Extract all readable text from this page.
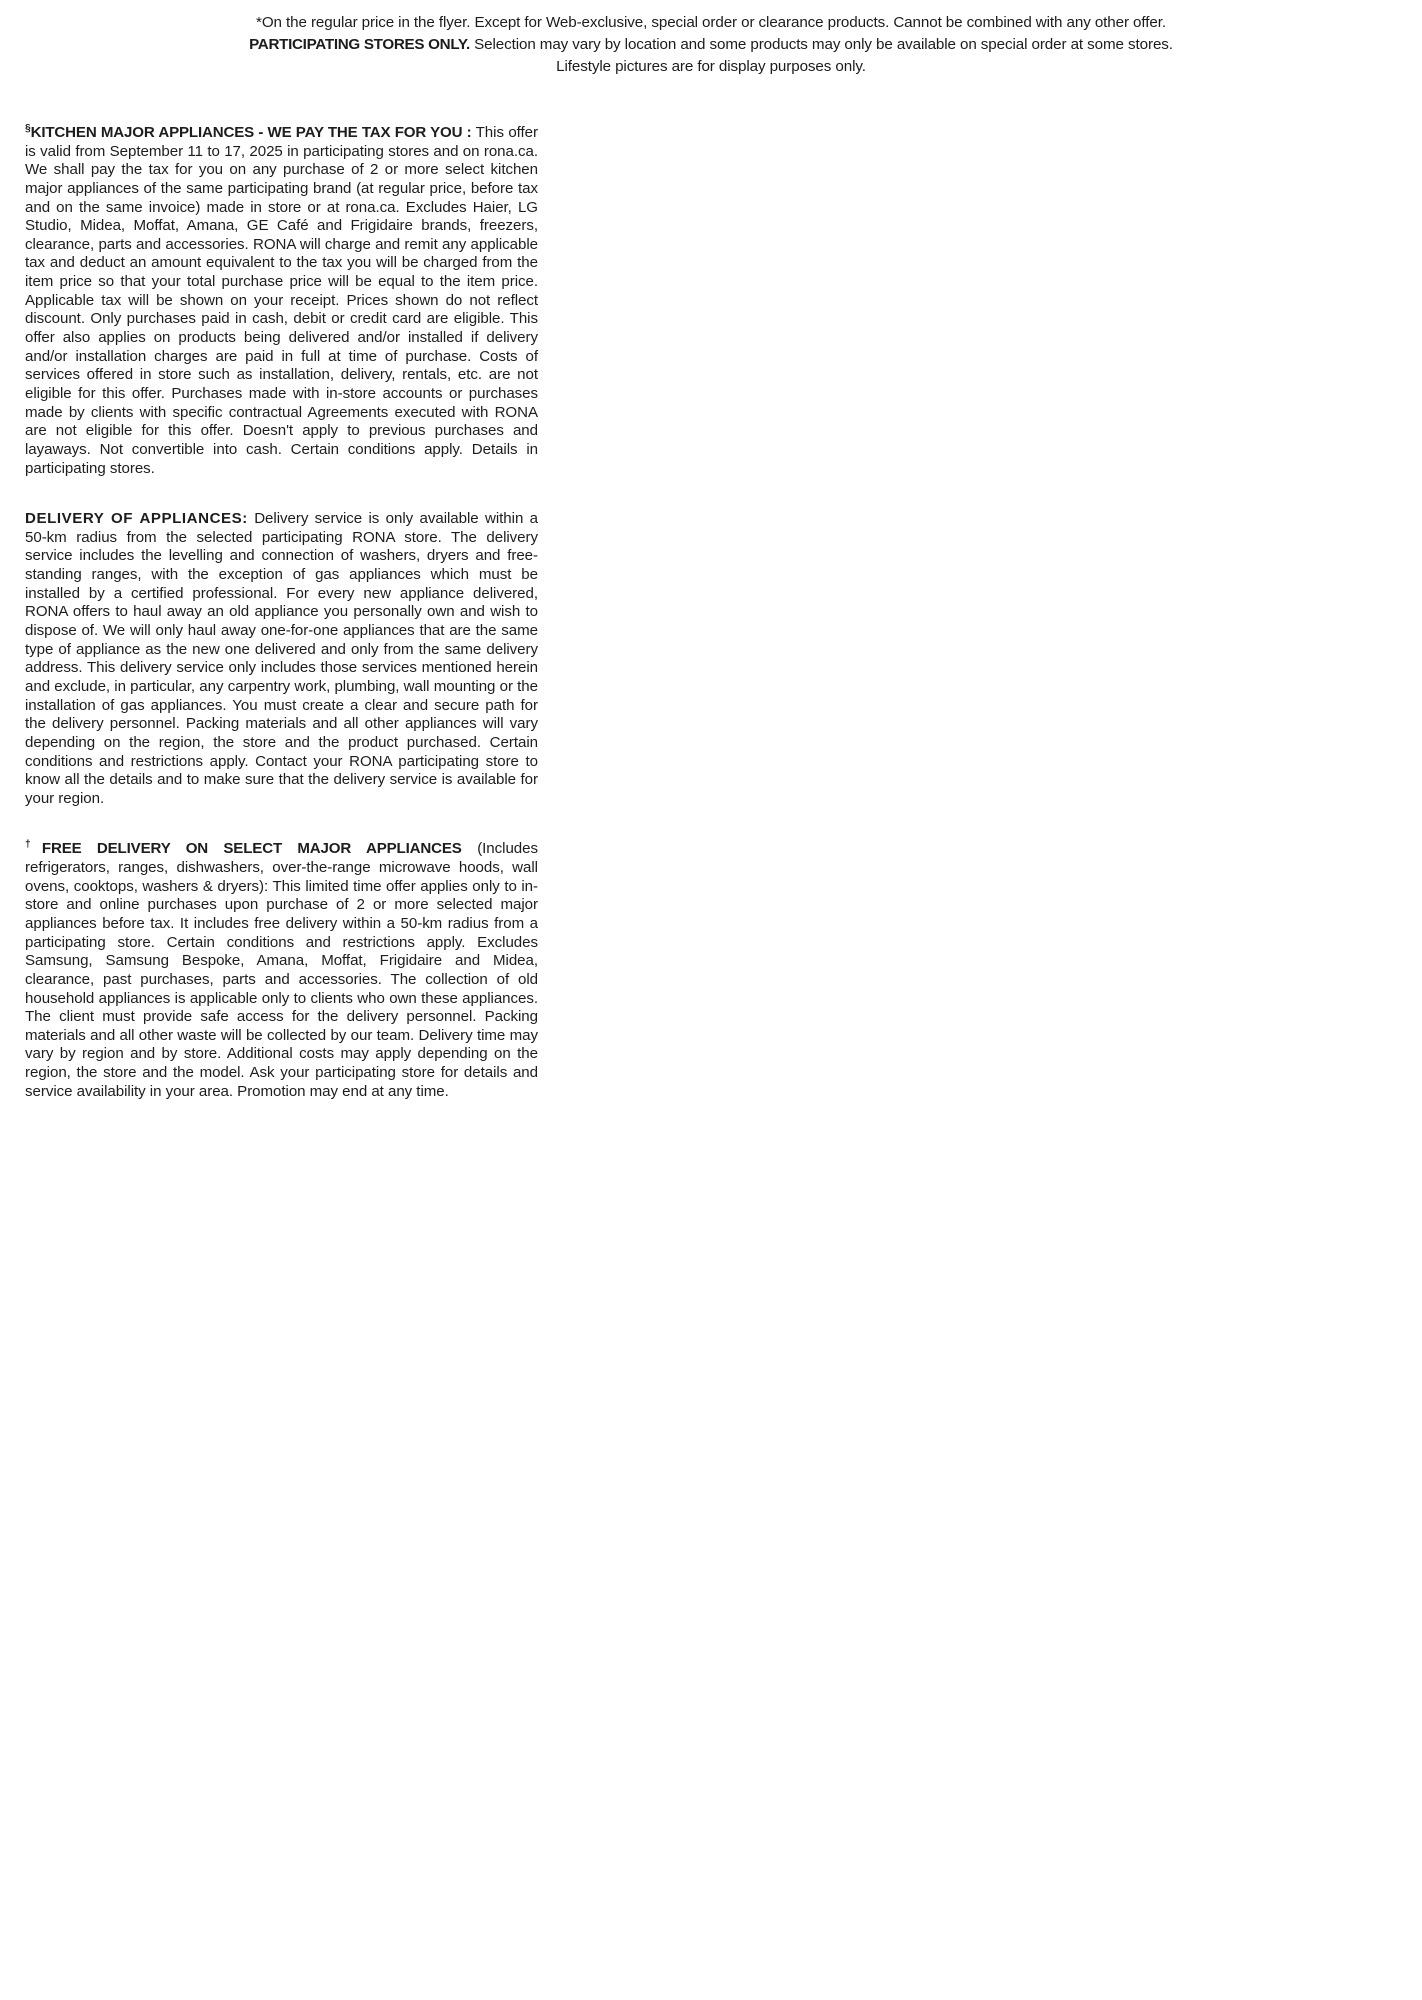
*On the regular price in the flyer. Except for Web-exclusive, special order or clearance products. Cannot be combined with any other offer.
PARTICIPATING STORES ONLY. Selection may vary by location and some products may only be available on special order at some stores.
Lifestyle pictures are for display purposes only.

§KITCHEN MAJOR APPLIANCES - WE PAY THE TAX FOR YOU : This offer is valid from September 11 to 17, 2025 in participating stores and on rona.ca. We shall pay the tax for you on any purchase of 2 or more select kitchen major appliances of the same participating brand (at regular price, before tax and on the same invoice) made in store or at rona.ca. Excludes Haier, LG Studio, Midea, Moffat, Amana, GE Café and Frigidaire brands, freezers, clearance, parts and accessories. RONA will charge and remit any applicable tax and deduct an amount equivalent to the tax you will be charged from the item price so that your total purchase price will be equal to the item price. Applicable tax will be shown on your receipt. Prices shown do not reflect discount. Only purchases paid in cash, debit or credit card are eligible. This offer also applies on products being delivered and/or installed if delivery and/or installation charges are paid in full at time of purchase. Costs of services offered in store such as installation, delivery, rentals, etc. are not eligible for this offer. Purchases made with in-store accounts or purchases made by clients with specific contractual Agreements executed with RONA are not eligible for this offer. Doesn't apply to previous purchases and layaways. Not convertible into cash. Certain conditions apply. Details in participating stores.

DELIVERY OF APPLIANCES: Delivery service is only available within a 50-km radius from the selected participating RONA store. The delivery service includes the levelling and connection of washers, dryers and free-standing ranges, with the exception of gas appliances which must be installed by a certified professional. For every new appliance delivered, RONA offers to haul away an old appliance you personally own and wish to dispose of. We will only haul away one-for-one appliances that are the same type of appliance as the new one delivered and only from the same delivery address. This delivery service only includes those services mentioned herein and exclude, in particular, any carpentry work, plumbing, wall mounting or the installation of gas appliances. You must create a clear and secure path for the delivery personnel. Packing materials and all other appliances will vary depending on the region, the store and the product purchased. Certain conditions and restrictions apply. Contact your RONA participating store to know all the details and to make sure that the delivery service is available for your region.

†FREE DELIVERY ON SELECT MAJOR APPLIANCES (Includes refrigerators, ranges, dishwashers, over-the-range microwave hoods, wall ovens, cooktops, washers & dryers): This limited time offer applies only to in-store and online purchases upon purchase of 2 or more selected major appliances before tax. It includes free delivery within a 50-km radius from a participating store. Certain conditions and restrictions apply. Excludes Samsung, Samsung Bespoke, Amana, Moffat, Frigidaire and Midea, clearance, past purchases, parts and accessories. The collection of old household appliances is applicable only to clients who own these appliances. The client must provide safe access for the delivery personnel. Packing materials and all other waste will be collected by our team. Delivery time may vary by region and by store. Additional costs may apply depending on the region, the store and the model. Ask your participating store for details and service availability in your area. Promotion may end at any time.
